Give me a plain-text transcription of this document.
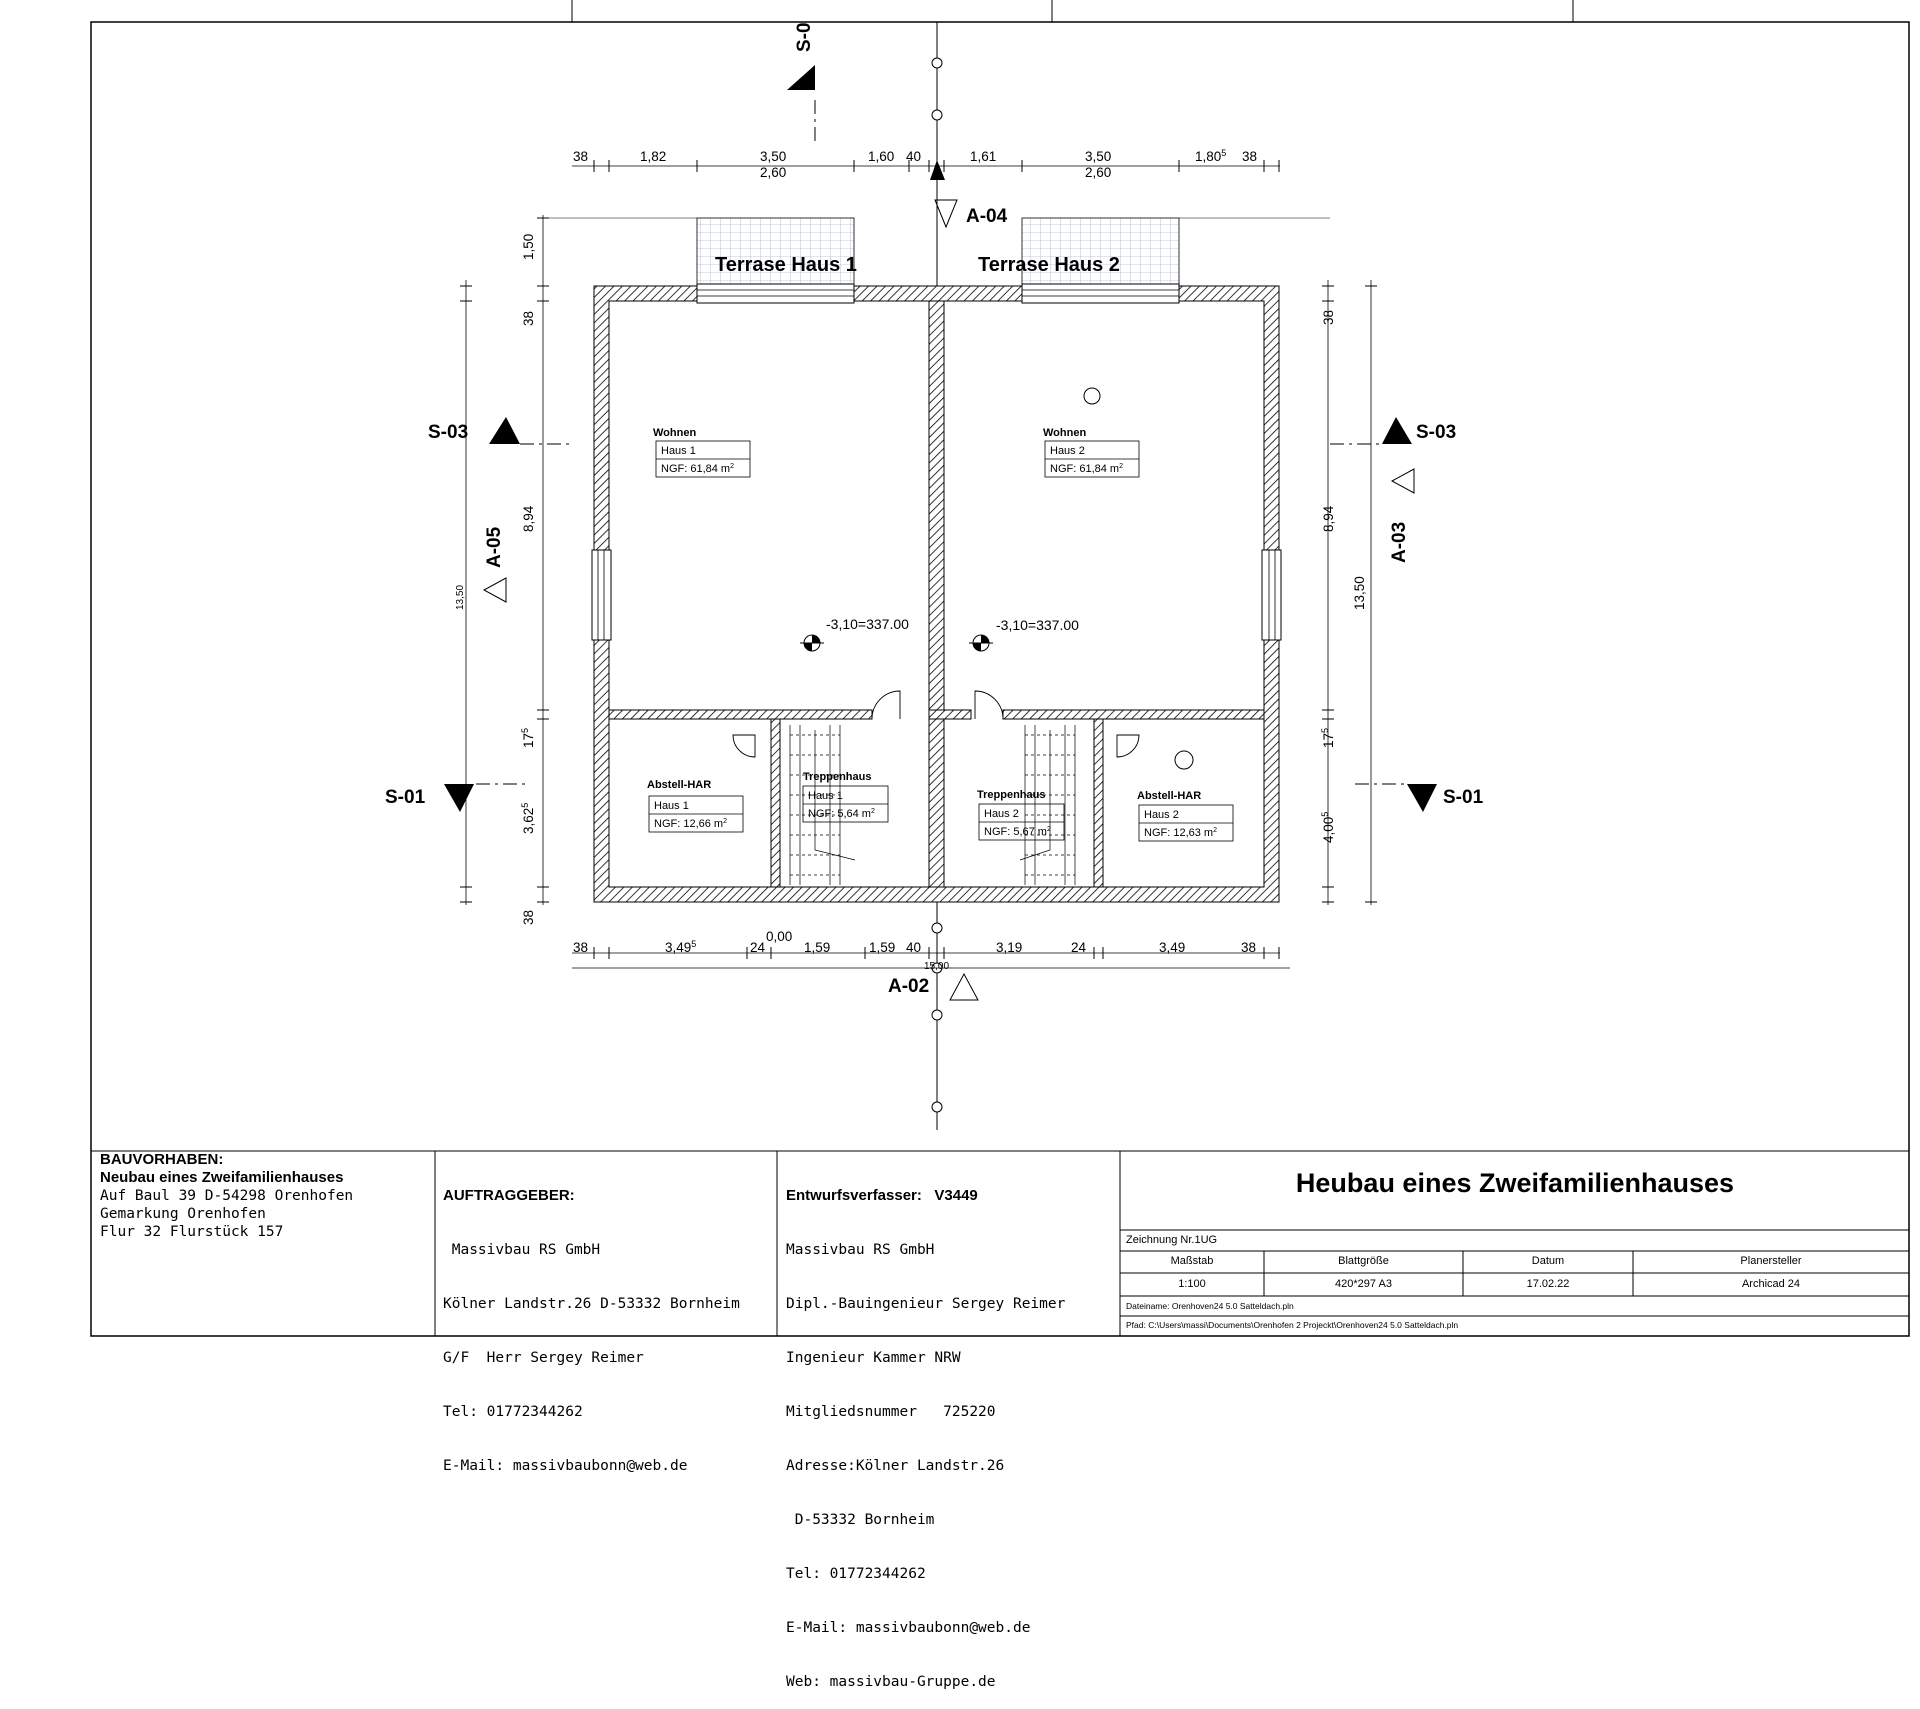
S-0
Terrase Haus 1	Terrase Haus 2
-3,10=337.00	-3,10=337.00
Wohnen
Haus 1
NGF: 61,84 $m^2$
Wohnen
Haus 2
NGF: 61,84 $m^2$
Abstell-HAR
Haus 1
NGF: 12,66 $m^2$
Treppenhaus
Haus 1
NGF: 5,64 $m^2$
Treppenhaus
Haus 2
NGF: 5,67 $m^2$
Abstell-HAR
Haus 2
NGF: 12,63 $m^2$
38	1,82	3,50
2,60
1,60 40	1,61	3,50
2,60
1,80$^5$ 38
38	3,49$^5$	24	1,59	1,59 40	3,19	24	3,49	38
15,00
0,00
1,50
38
8,94
13,50
$17^5$
3,62$^5$
38
38
8,94
13,50
$17^5$
4,00$^5$
S-03	S-03
S-01	S-01
A-04
A-05	A-03
A-02
BAUVORHABEN:
Neubau eines Zweifamilienhauses
Auf Baul 39 D-54298 Orenhofen
Gemarkung Orenhofen
Flur 32 Flurstück 157

AUFTRAGGEBER:

Massivbau RS GmbH

Kölner Landstr.26 D-53332 Bornheim

G/F  Herr Sergey Reimer

Tel: 01772344262

E-Mail: massivbaubonn@web.de

Entwurfsverfasser:   V3449

Massivbau RS GmbH

Dipl.-Bauingenieur Sergey Reimer

Ingenieur Kammer NRW

Mitgliedsnummer   725220

Adresse:Kölner Landstr.26

D-53332 Bornheim

Tel: 01772344262

E-Mail: massivbaubonn@web.de

Web: massivbau-Gruppe.de

Heubau eines Zweifamilienhauses
Zeichnung Nr.1UG
Maßstab	Blattgröße	Datum	Planersteller
1:100	420*297 A3	17.02.22	Archicad 24
Dateiname: Orenhoven24 5.0 Satteldach.pln
Pfad: C:\Users\massi\Documents\Orenhofen 2 Projeckt\Orenhoven24 5.0 Satteldach.pln
